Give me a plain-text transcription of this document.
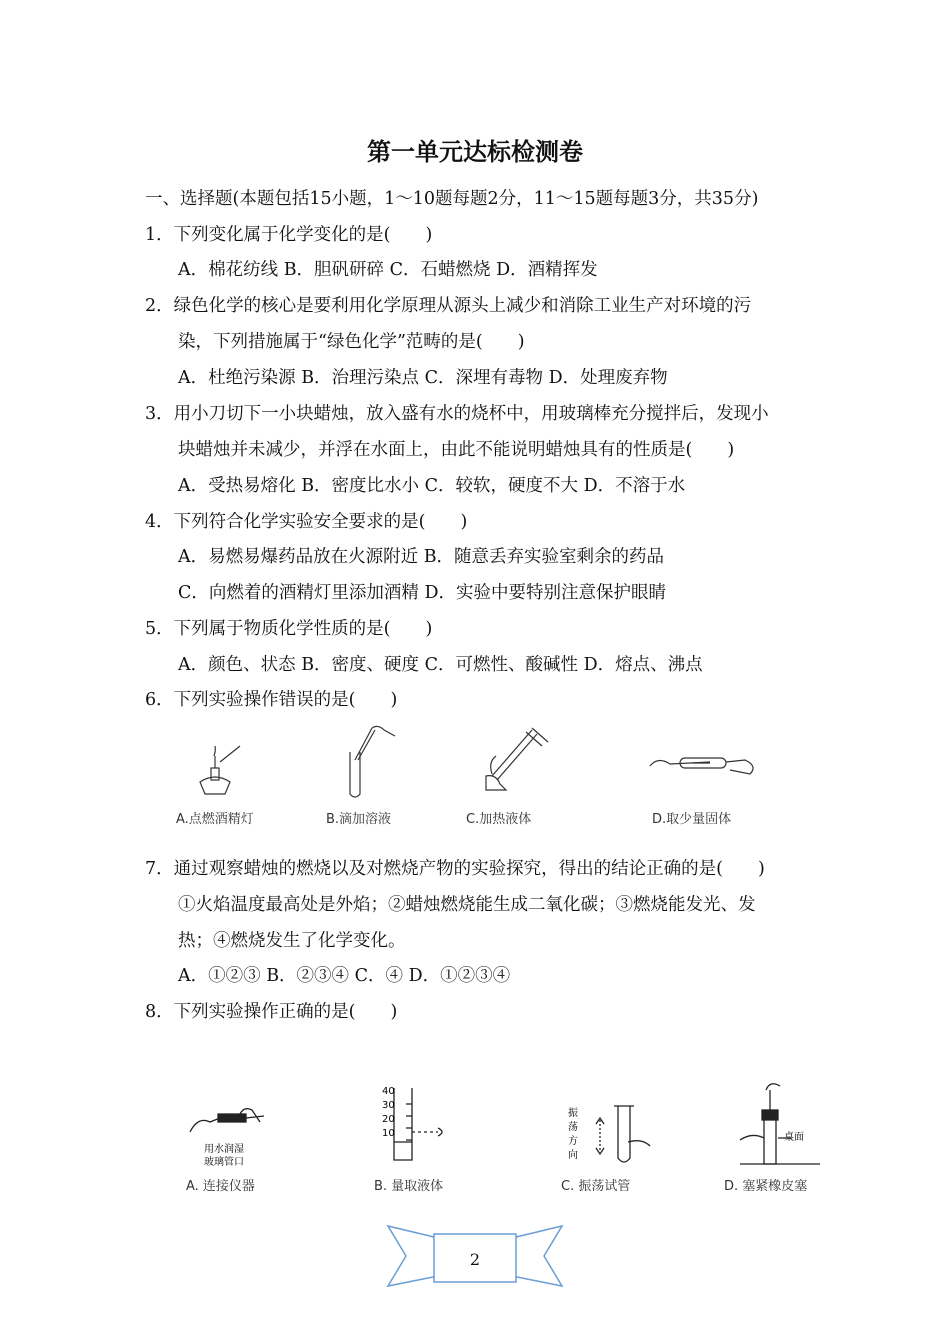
第一单元达标检测卷
一、选择题(本题包括15小题，1～10题每题2分，11～15题每题3分，共35分)
1．下列变化属于化学变化的是(　　)
A．棉花纺线 B．胆矾研碎 C．石蜡燃烧 D．酒精挥发
2．绿色化学的核心是要利用化学原理从源头上减少和消除工业生产对环境的污
染，下列措施属于“绿色化学”范畴的是(　　)
A．杜绝污染源 B．治理污染点 C．深埋有毒物 D．处理废弃物
3．用小刀切下一小块蜡烛，放入盛有水的烧杯中，用玻璃棒充分搅拌后，发现小
块蜡烛并未减少，并浮在水面上，由此不能说明蜡烛具有的性质是(　　)
A．受热易熔化 B．密度比水小 C．较软，硬度不大 D．不溶于水
4．下列符合化学实验安全要求的是(　　)
A．易燃易爆药品放在火源附近 B．随意丢弃实验室剩余的药品
C．向燃着的酒精灯里添加酒精 D．实验中要特别注意保护眼睛
5．下列属于物质化学性质的是(　　)
A．颜色、状态 B．密度、硬度 C．可燃性、酸碱性 D．熔点、沸点
6．下列实验操作错误的是(　　)
A.点燃酒精灯	B.滴加溶液	C.加热液体	D.取少量固体
7．通过观察蜡烛的燃烧以及对燃烧产物的实验探究，得出的结论正确的是(　　)
①火焰温度最高处是外焰；②蜡烛燃烧能生成二氧化碳；③燃烧能发光、发
热；④燃烧发生了化学变化。
A．①②③ B．②③④ C．④ D．①②③④
8．下列实验操作正确的是(　　)
用水润湿
玻璃管口
40
30
20
10
振
荡
方
向
桌面
A. 连接仪器	B. 量取液体	C. 振荡试管	D. 塞紧橡皮塞
2
